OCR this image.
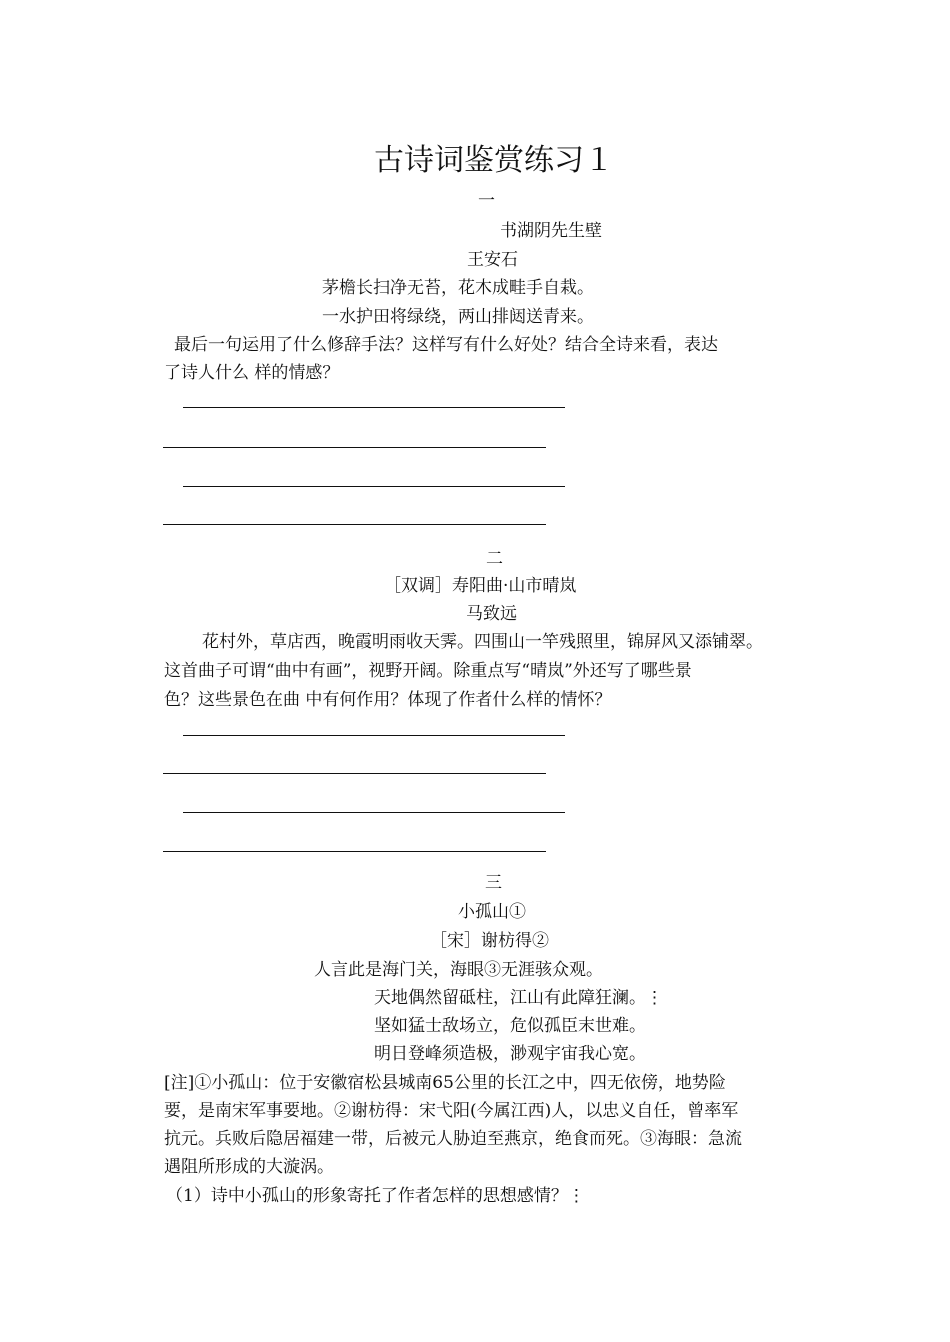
古诗词鉴赏练习１
一
书湖阴先生壁
王安石
茅檐长扫净无苔，花木成畦手自栽。
一水护田将绿绕，两山排闼送青来。
最后一句运用了什么修辞手法？这样写有什么好处？结合全诗来看，表达
了诗人什么 样的情感？
二
［双调］寿阳曲·山市晴岚
马致远
花村外，草店西，晚霞明雨收天霁。四围山一竿残照里，锦屏风又添铺翠。
这首曲子可谓“曲中有画”，视野开阔。除重点写“晴岚”外还写了哪些景
色？这些景色在曲 中有何作用？体现了作者什么样的情怀？
三
小孤山①
［宋］谢枋得②
人言此是海门关，海眼③无涯骇众观。
天地偶然留砥柱，江山有此障狂澜。⋮
坚如猛士敌场立，危似孤臣末世难。
明日登峰须造极，渺观宇宙我心宽。
[注]①小孤山：位于安徽宿松县城南65公里的长江之中，四无依傍，地势险
要，是南宋军事要地。②谢枋得：宋弋阳(今属江西)人，以忠义自任，曾率军
抗元。兵败后隐居福建一带，后被元人胁迫至燕京，绝食而死。③海眼：急流
遇阻所形成的大漩涡。
（1）诗中小孤山的形象寄托了作者怎样的思想感情？⋮
